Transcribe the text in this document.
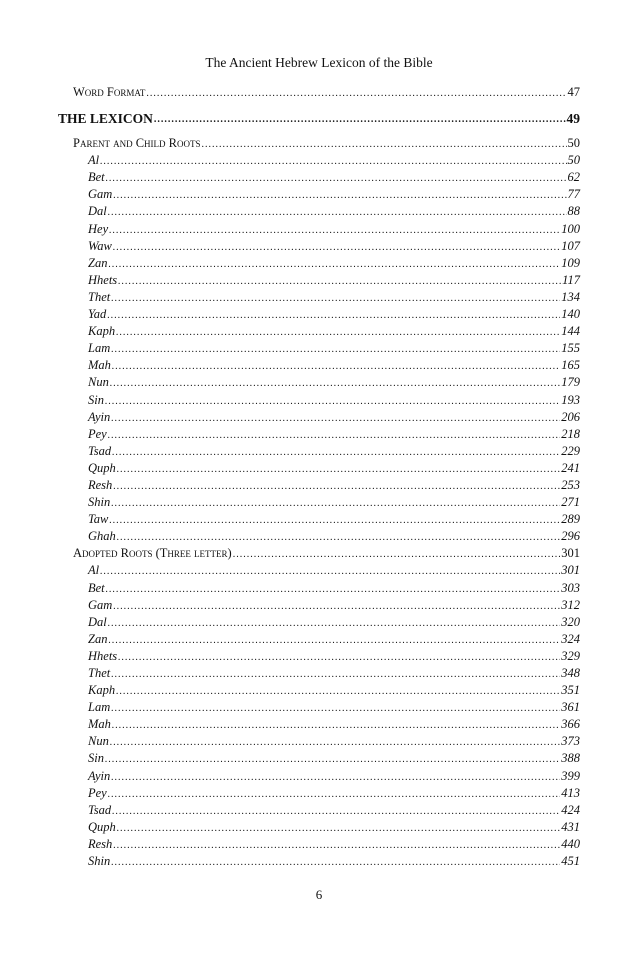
The Ancient Hebrew Lexicon of the Bible
Word Format .....	47
THE LEXICON .....	49
Parent and Child Roots .....	50
Al .....	50
Bet .....	62
Gam .....	77
Dal .....	88
Hey .....	100
Waw .....	107
Zan .....	109
Hhets .....	117
Thet .....	134
Yad .....	140
Kaph .....	144
Lam .....	155
Mah .....	165
Nun .....	179
Sin .....	193
Ayin .....	206
Pey .....	218
Tsad .....	229
Quph .....	241
Resh .....	253
Shin .....	271
Taw .....	289
Ghah .....	296
Adopted Roots (Three letter) .....	301
Al .....	301
Bet .....	303
Gam .....	312
Dal .....	320
Zan .....	324
Hhets .....	329
Thet .....	348
Kaph .....	351
Lam .....	361
Mah .....	366
Nun .....	373
Sin .....	388
Ayin .....	399
Pey .....	413
Tsad .....	424
Quph .....	431
Resh .....	440
Shin .....	451
6
